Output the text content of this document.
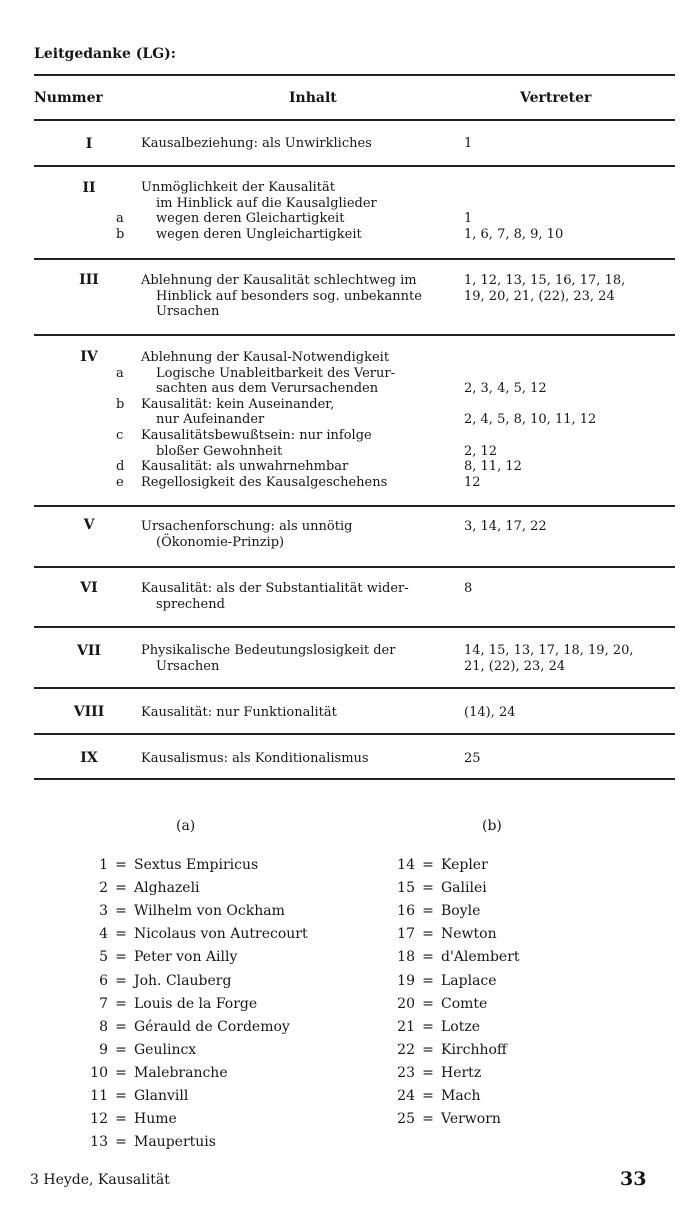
Leitgedanke (LG):
Nummer	Inhalt	Vertreter
I	Kausalbeziehung: als Unwirkliches	1
II	Unmöglichkeit der Kausalität
im Hinblick auf die Kausalglieder
a	wegen deren Gleichartigkeit	1
b	wegen deren Ungleichartigkeit	1, 6, 7, 8, 9, 10
III	Ablehnung der Kausalität schlechtweg im	1, 12, 13, 15, 16, 17, 18,
Hinblick auf besonders sog. unbekannte	19, 20, 21, (22), 23, 24
Ursachen
IV	Ablehnung der Kausal-Notwendigkeit
a	Logische Unableitbarkeit des Verur-
sachten aus dem Verursachenden	2, 3, 4, 5, 12
b Kausalität: kein Auseinander,
nur Aufeinander	2, 4, 5, 8, 10, 11, 12
c Kausalitätsbewußtsein: nur infolge
bloßer Gewohnheit	2, 12
d Kausalität: als unwahrnehmbar	8, 11, 12
e Regellosigkeit des Kausalgeschehens	12
V	Ursachenforschung: als unnötig	3, 14, 17, 22
(Ökonomie-Prinzip)
VI	Kausalität: als der Substantialität wider-	8
sprechend
VII	Physikalische Bedeutungslosigkeit der	14, 15, 13, 17, 18, 19, 20,
Ursachen	21, (22), 23, 24
VIII	Kausalität: nur Funktionalität	(14), 24
IX	Kausalismus: als Konditionalismus	25
(a)	(b)
1 = Sextus Empiricus
2 = Alghazeli
3 = Wilhelm von Ockham
4 = Nicolaus von Autrecourt
5 = Peter von Ailly
6 = Joh. Clauberg
7 = Louis de la Forge
8 = Gérauld de Cordemoy
9 = Geulincx
10 = Malebranche
11 = Glanvill
12 = Hume
13 = Maupertuis
14 = Kepler
15 = Galilei
16 = Boyle
17 = Newton
18 = d'Alembert
19 = Laplace
20 = Comte
21 = Lotze
22 = Kirchhoff
23 = Hertz
24 = Mach
25 = Verworn
3 Heyde, Kausalität	33
